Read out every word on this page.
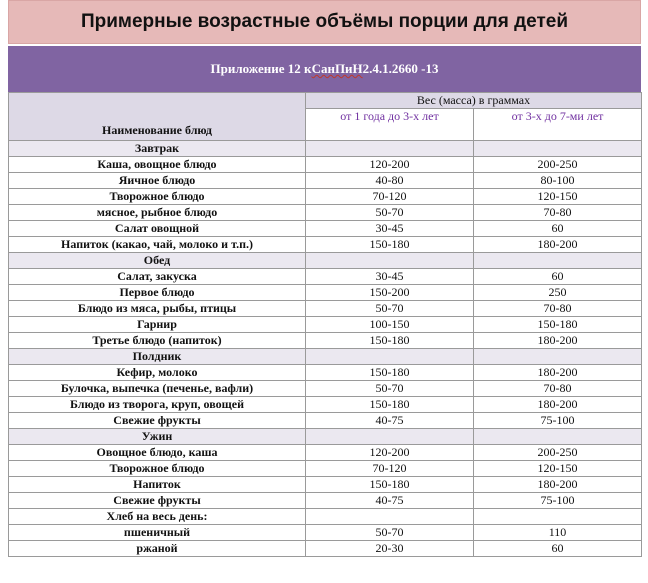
Примерные возрастные объёмы порции для детей
Приложение 12 к СанПиН 2.4.1.2660 -13
Наименование блюд	Вес (масса) в граммах	
	от 1 года до 3-х лет	от 3-х до 7-ми лет
Завтрак		
Каша, овощное блюдо	120-200	200-250
Яичное блюдо	40-80	80-100
Творожное блюдо	70-120	120-150
мясное, рыбное блюдо	50-70	70-80
Салат овощной	30-45	60
Напиток (какао, чай, молоко и т.п.)	150-180	180-200
Обед		
Салат, закуска	30-45	60
Первое блюдо	150-200	250
Блюдо из мяса, рыбы, птицы	50-70	70-80
Гарнир	100-150	150-180
Третье блюдо (напиток)	150-180	180-200
Полдник		
Кефир, молоко	150-180	180-200
Булочка, выпечка (печенье, вафли)	50-70	70-80
Блюдо из творога, круп, овощей	150-180	180-200
Свежие фрукты	40-75	75-100
Ужин		
Овощное блюдо, каша	120-200	200-250
Творожное блюдо	70-120	120-150
Напиток	150-180	180-200
Свежие фрукты	40-75	75-100
Хлеб на весь день:		
пшеничный	50-70	110
ржаной	20-30	60
